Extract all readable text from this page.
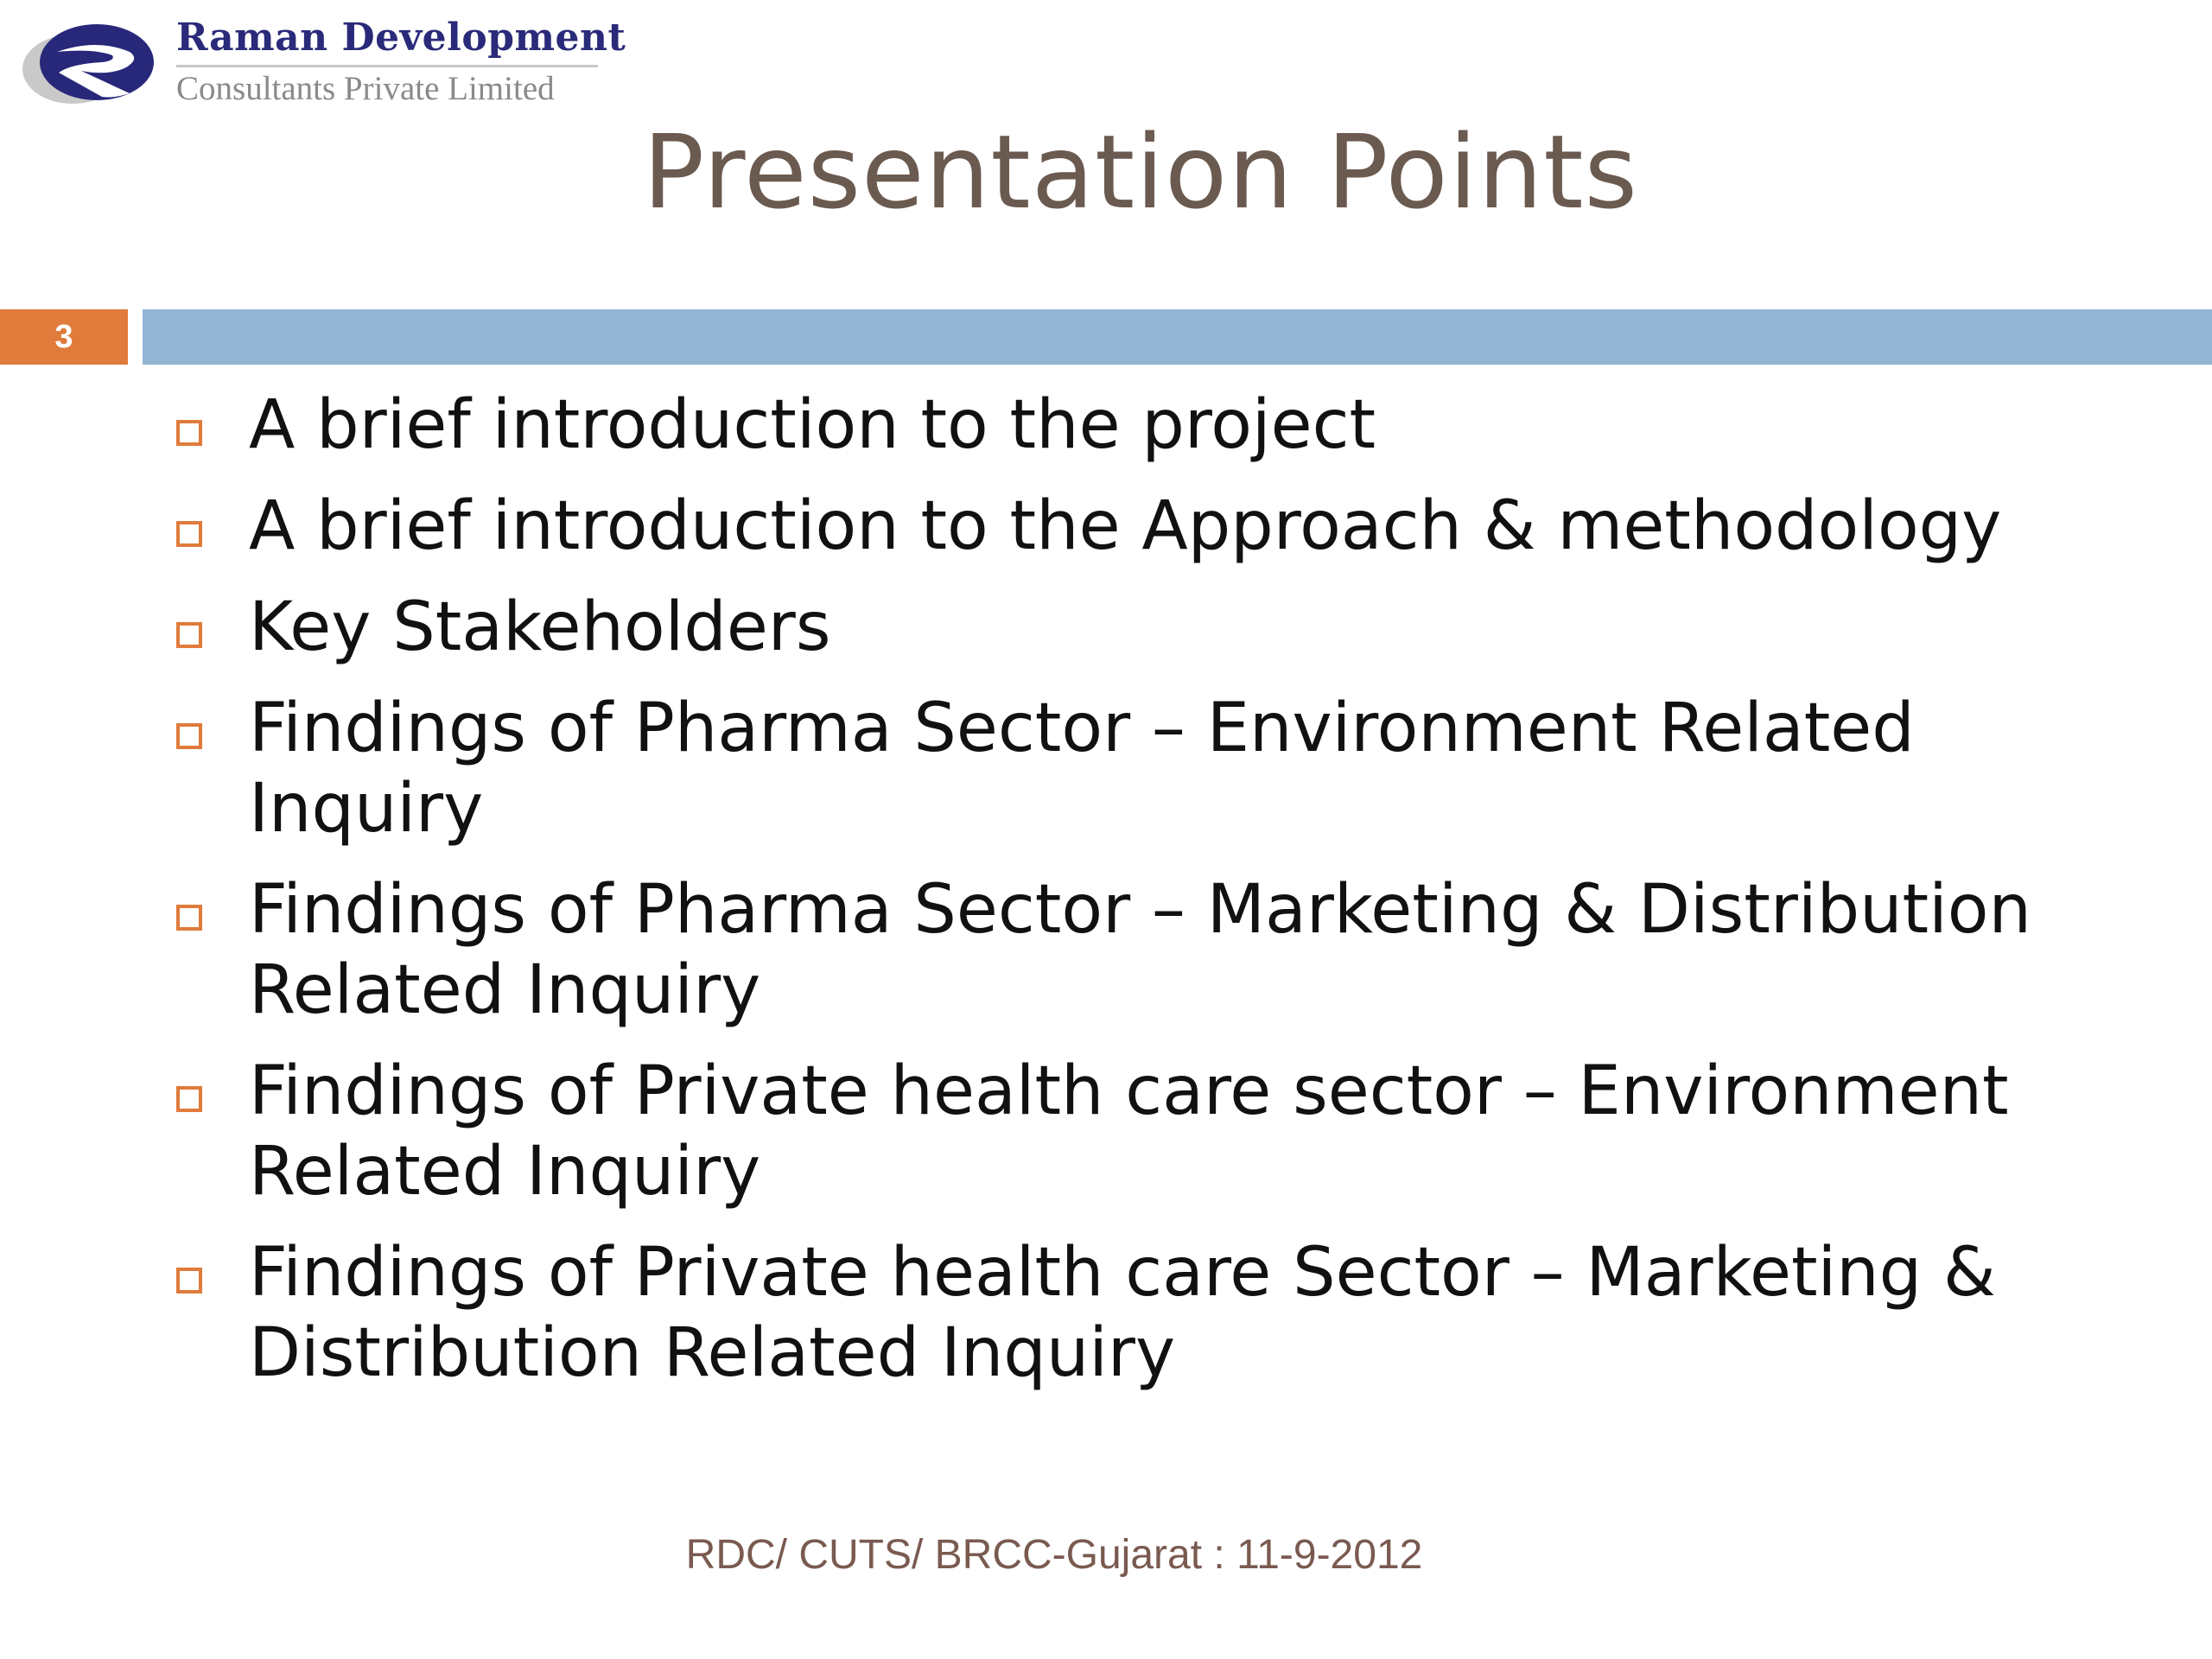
Raman Development
Consultants Private Limited
Presentation Points
3
A brief introduction to the project
A brief introduction to the Approach & methodology
Key Stakeholders
Findings of Pharma Sector – Environment Related Inquiry
Findings of Pharma Sector – Marketing & Distribution Related Inquiry
Findings of Private health care sector – Environment Related Inquiry
Findings of Private health care Sector – Marketing & Distribution Related Inquiry
RDC/ CUTS/ BRCC-Gujarat : 11-9-2012
